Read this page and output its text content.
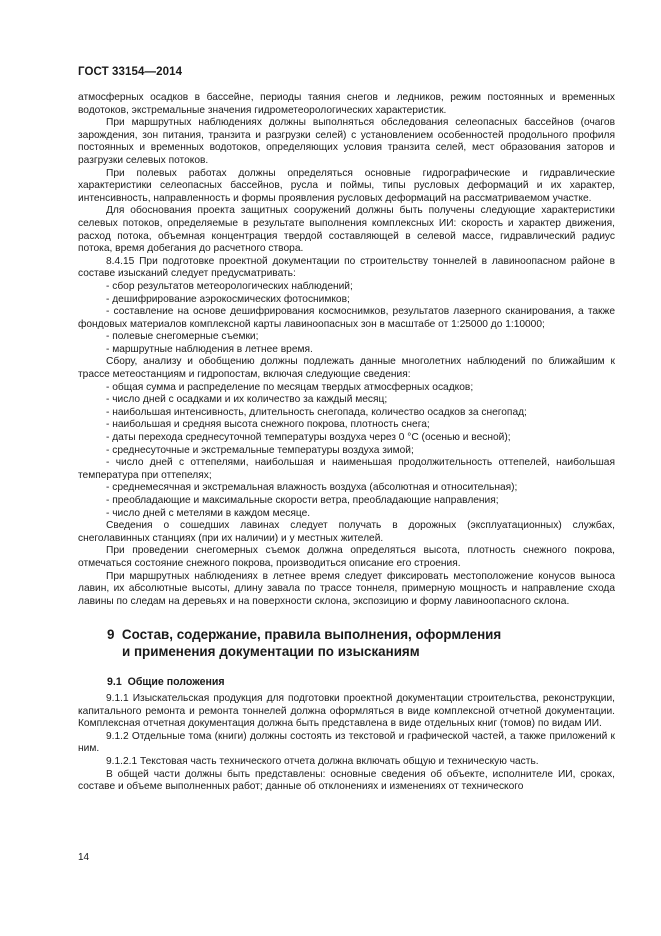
ГОСТ 33154—2014

атмосферных осадков в бассейне, периоды таяния снегов и ледников, режим постоянных и временных водотоков, экстремальные значения гидрометеорологических характеристик.

При маршрутных наблюдениях должны выполняться обследования селеопасных бассейнов (очагов зарождения, зон питания, транзита и разгрузки селей) с установлением особенностей продольного профиля постоянных и временных водотоков, определяющих условия транзита селей, мест образования заторов и разгрузки селевых потоков.

При полевых работах должны определяться основные гидрографические и гидравлические характеристики селеопасных бассейнов, русла и поймы, типы русловых деформаций и их характер, интенсивность, направленность и формы проявления русловых деформаций на рассматриваемом участке.

Для обоснования проекта защитных сооружений должны быть получены следующие характеристики селевых потоков, определяемые в результате выполнения комплексных ИИ: скорость и характер движения, расход потока, объемная концентрация твердой составляющей в селевой массе, гидравлический радиус потока, время добегания до расчетного створа.

8.4.15 При подготовке проектной документации по строительству тоннелей в лавиноопасном районе в составе изысканий следует предусматривать:

- сбор результатов метеорологических наблюдений;

- дешифрирование аэрокосмических фотоснимков;

- составление на основе дешифрирования космоснимков, результатов лазерного сканирования, а также фондовых материалов комплексной карты лавиноопасных зон в масштабе от 1:25000 до 1:10000;

- полевые снегомерные съемки;

- маршрутные наблюдения в летнее время.

Сбору, анализу и обобщению должны подлежать данные многолетних наблюдений по ближайшим к трассе метеостанциям и гидропостам, включая следующие сведения:

- общая сумма и распределение по месяцам твердых атмосферных осадков;

- число дней с осадками и их количество за каждый месяц;

- наибольшая интенсивность, длительность снегопада, количество осадков за снегопад;

- наибольшая и средняя высота снежного покрова, плотность снега;

- даты перехода среднесуточной температуры воздуха через 0 °С (осенью и весной);

- среднесуточные и экстремальные температуры воздуха зимой;

- число дней с оттепелями, наибольшая и наименьшая продолжительность оттепелей, наибольшая температура при оттепелях;

- среднемесячная и экстремальная влажность воздуха (абсолютная и относительная);

- преобладающие и максимальные скорости ветра, преобладающие направления;

- число дней с метелями в каждом месяце.

Сведения о сошедших лавинах следует получать в дорожных (эксплуатационных) службах, снеголавинных станциях (при их наличии) и у местных жителей.

При проведении снегомерных съемок должна определяться высота, плотность снежного покрова, отмечаться состояние снежного покрова, производиться описание его строения.

При маршрутных наблюдениях в летнее время следует фиксировать местоположение конусов выноса лавин, их абсолютные высоты, длину завала по трассе тоннеля, примерную мощность и направление схода лавины по следам на деревьях и на поверхности склона, экспозицию и форму лавиноопасного склона.

9 Состав, содержание, правила выполнения, оформления
и применения документации по изысканиям
9.1 Общие положения

9.1.1 Изыскательская продукция для подготовки проектной документации строительства, реконструкции, капитального ремонта и ремонта тоннелей должна оформляться в виде комплексной отчетной документации. Комплексная отчетная документация должна быть представлена в виде отдельных книг (томов) по видам ИИ.

9.1.2 Отдельные тома (книги) должны состоять из текстовой и графической частей, а также приложений к ним.

9.1.2.1 Текстовая часть технического отчета должна включать общую и техническую часть.

В общей части должны быть представлены: основные сведения об объекте, исполнителе ИИ, сроках, составе и объеме выполненных работ; данные об отклонениях и изменениях от технического

14
